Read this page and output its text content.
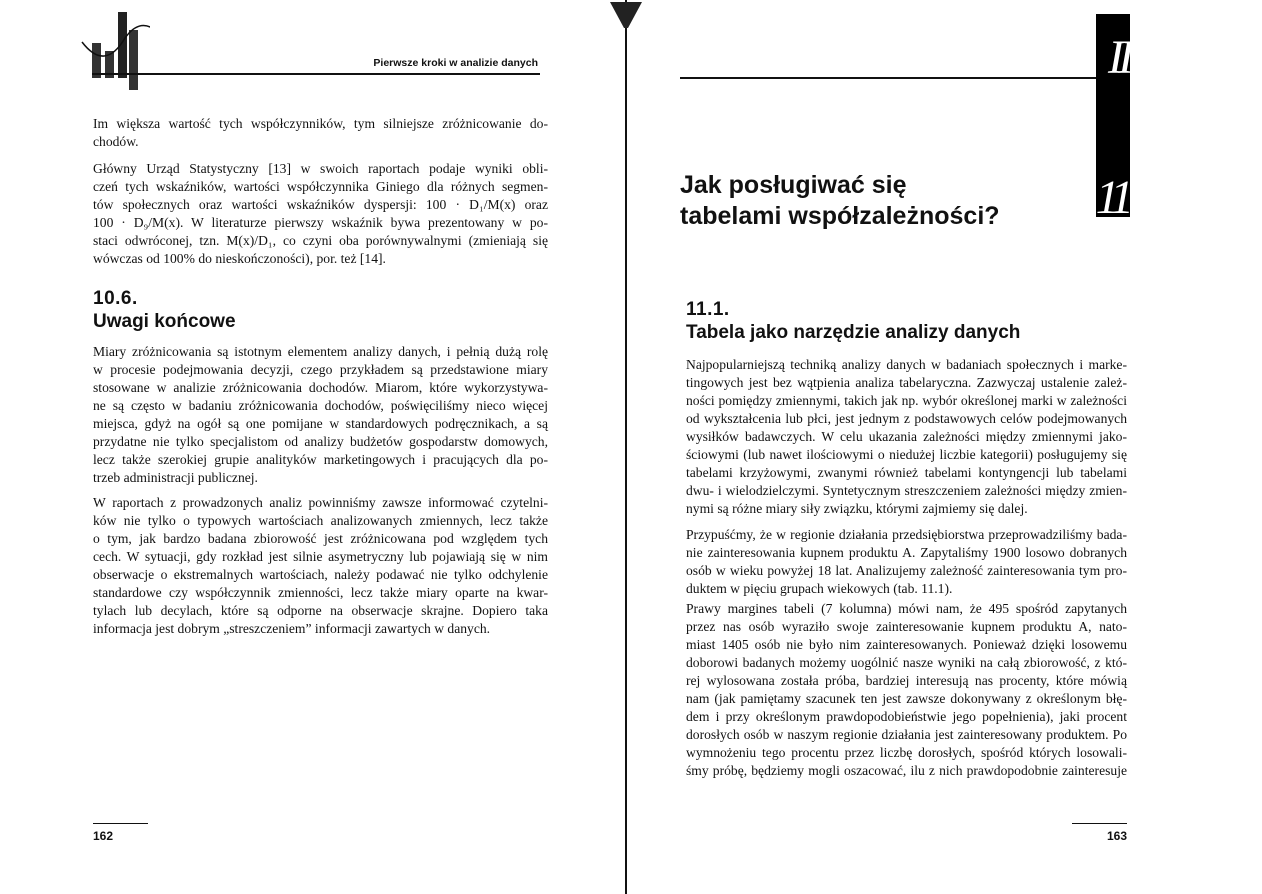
Pierwsze kroki w analizie danych
Im większa wartość tych współczynników, tym silniejsze zróżnicowanie do-
chodów.
Główny Urząd Statystyczny [13] w swoich raportach podaje wyniki obli-
czeń tych wskaźników, wartości współczynnika Giniego dla różnych segmen-
tów społecznych oraz wartości wskaźników dyspersji: 100 · D₁/M(x) oraz
100 · D₉/M(x). W literaturze pierwszy wskaźnik bywa prezentowany w po-
staci odwróconej, tzn. M(x)/D₁, co czyni oba porównywalnymi (zmieniają się
wówczas od 100% do nieskończoności), por. też [14].
10.6.
Uwagi końcowe
Miary zróżnicowania są istotnym elementem analizy danych, i pełnią dużą rolę
w procesie podejmowania decyzji, czego przykładem są przedstawione miary
stosowane w analizie zróżnicowania dochodów. Miarom, które wykorzystywa-
ne są często w badaniu zróżnicowania dochodów, poświęciliśmy nieco więcej
miejsca, gdyż na ogół są one pomijane w standardowych podręcznikach, a są
przydatne nie tylko specjalistom od analizy budżetów gospodarstw domowych,
lecz także szerokiej grupie analityków marketingowych i pracujących dla po-
trzeb administracji publicznej.
W raportach z prowadzonych analiz powinniśmy zawsze informować czytelni-
ków nie tylko o typowych wartościach analizowanych zmiennych, lecz także
o tym, jak bardzo badana zbiorowość jest zróżnicowana pod względem tych
cech. W sytuacji, gdy rozkład jest silnie asymetryczny lub pojawiają się w nim
obserwacje o ekstremalnych wartościach, należy podawać nie tylko odchylenie
standardowe czy współczynnik zmienności, lecz także miary oparte na kwar-
tylach lub decylach, które są odporne na obserwacje skrajne. Dopiero taka
informacja jest dobrym „streszczeniem” informacji zawartych w danych.
162
II
11
Jak posługiwać się
tabelami współzależności?
11.1.
Tabela jako narzędzie analizy danych
Najpopularniejszą techniką analizy danych w badaniach społecznych i marke-
tingowych jest bez wątpienia analiza tabelaryczna. Zazwyczaj ustalenie zależ-
ności pomiędzy zmiennymi, takich jak np. wybór określonej marki w zależności
od wykształcenia lub płci, jest jednym z podstawowych celów podejmowanych
wysiłków badawczych. W celu ukazania zależności między zmiennymi jako-
ściowymi (lub nawet ilościowymi o niedużej liczbie kategorii) posługujemy się
tabelami krzyżowymi, zwanymi również tabelami kontyngencji lub tabelami
dwu- i wielodzielczymi. Syntetycznym streszczeniem zależności między zmien-
nymi są różne miary siły związku, którymi zajmiemy się dalej.
Przypuśćmy, że w regionie działania przedsiębiorstwa przeprowadziliśmy bada-
nie zainteresowania kupnem produktu A. Zapytaliśmy 1900 losowo dobranych
osób w wieku powyżej 18 lat. Analizujemy zależność zainteresowania tym pro-
duktem w pięciu grupach wiekowych (tab. 11.1).
Prawy margines tabeli (7 kolumna) mówi nam, że 495 spośród zapytanych
przez nas osób wyraziło swoje zainteresowanie kupnem produktu A, nato-
miast 1405 osób nie było nim zainteresowanych. Ponieważ dzięki losowemu
doborowi badanych możemy uogólnić nasze wyniki na całą zbiorowość, z któ-
rej wylosowana została próba, bardziej interesują nas procenty, które mówią
nam (jak pamiętamy szacunek ten jest zawsze dokonywany z określonym błę-
dem i przy określonym prawdopodobieństwie jego popełnienia), jaki procent
dorosłych osób w naszym regionie działania jest zainteresowany produktem. Po
wymnożeniu tego procentu przez liczbę dorosłych, spośród których losowali-
śmy próbę, będziemy mogli oszacować, ilu z nich prawdopodobnie zainteresuje
163
